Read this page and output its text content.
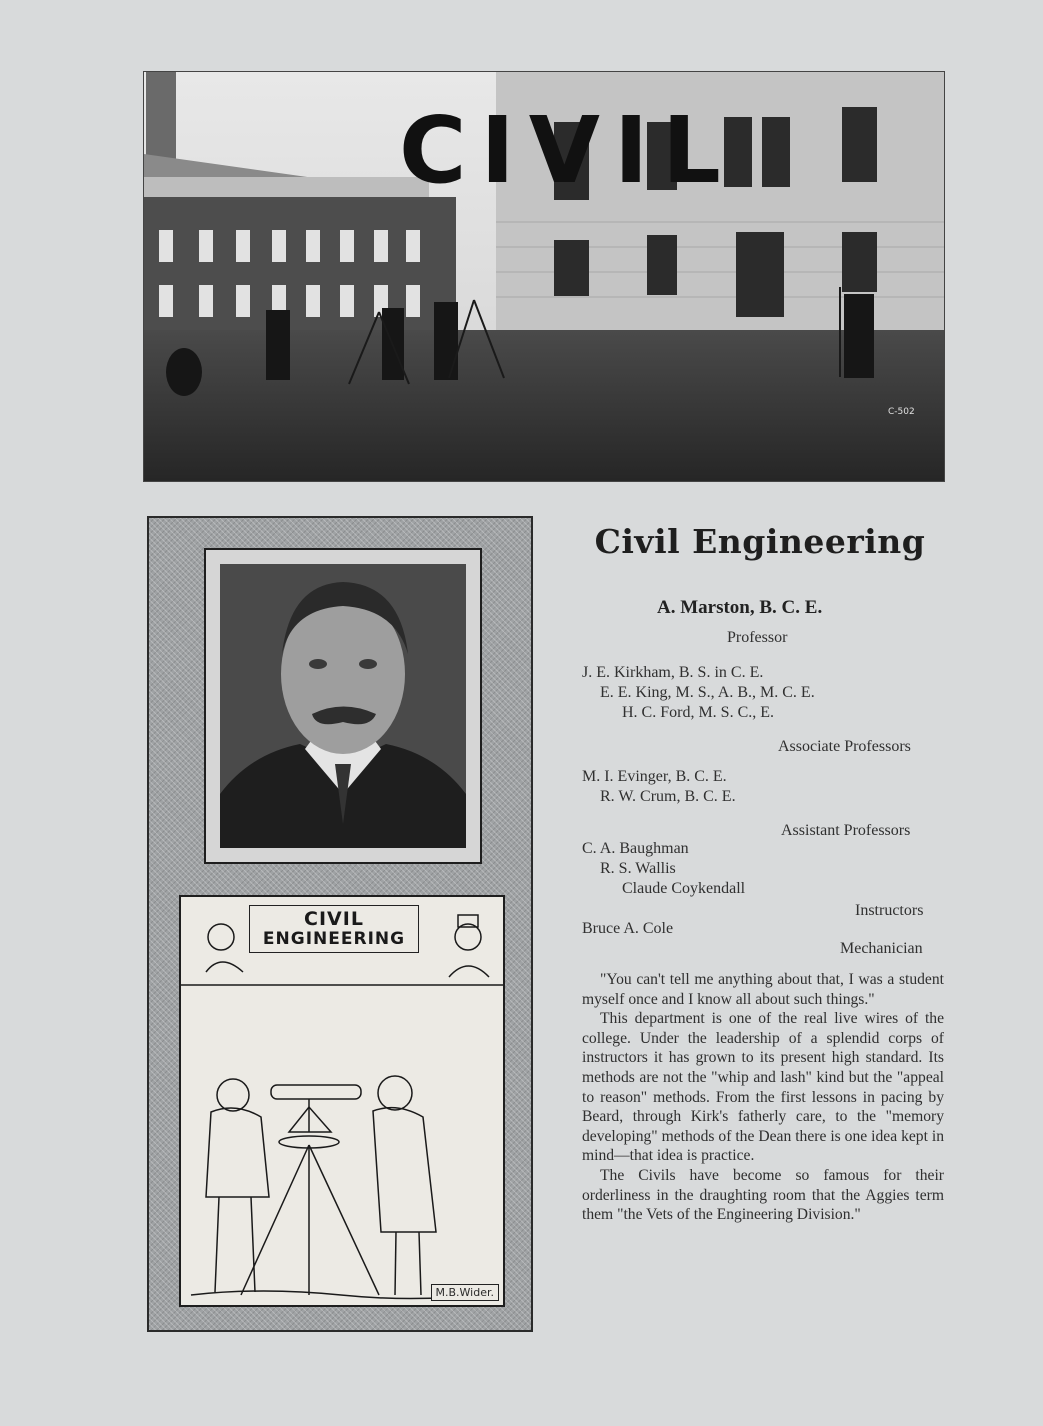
CIVIL
C-502
CIVIL
ENGINEERING
M.B.Wider.
Civil Engineering
A. Marston, B. C. E.
Professor
J. E. Kirkham, B. S. in C. E.
E. E. King, M. S., A. B., M. C. E.
H. C. Ford, M. S. C., E.
Associate Professors
M. I. Evinger, B. C. E.
R. W. Crum, B. C. E.
Assistant Professors
C. A. Baughman
R. S. Wallis
Claude Coykendall
Instructors
Bruce A. Cole
Mechanician

"You can't tell me anything about that, I was a student myself once and I know all about such things."

This department is one of the real live wires of the college. Under the leadership of a splendid corps of instructors it has grown to its present high standard. Its methods are not the "whip and lash" kind but the "appeal to reason" methods. From the first lessons in pacing by Beard, through Kirk's fatherly care, to the "memory developing" methods of the Dean there is one idea kept in mind—that idea is practice.

The Civils have become so famous for their orderliness in the draughting room that the Aggies term them "the Vets of the Engineering Division."
